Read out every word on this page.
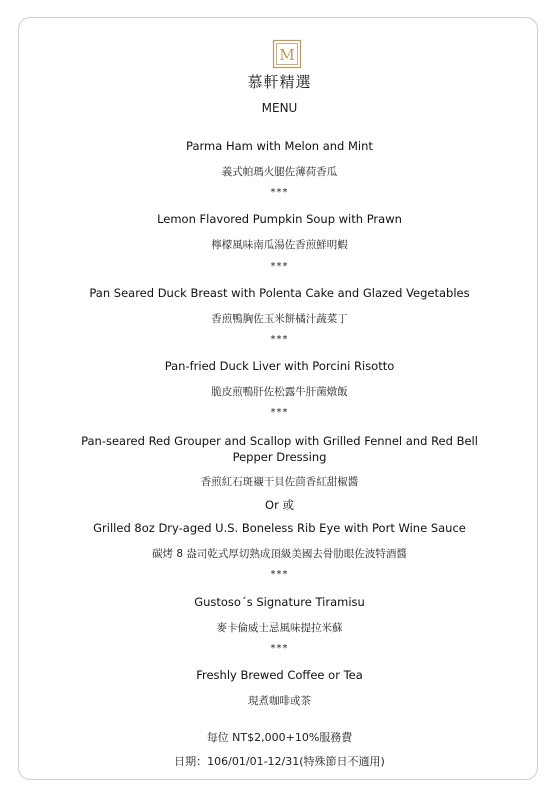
M
慕軒精選
MENU
Parma Ham with Melon and Mint
義式帕瑪火腿佐薄荷香瓜
***
Lemon Flavored Pumpkin Soup with Prawn
檸檬風味南瓜湯佐香煎鮮明蝦
***
Pan Seared Duck Breast with Polenta Cake and Glazed Vegetables
香煎鴨胸佐玉米餅橘汁蔬菜丁
***
Pan-fried Duck Liver with Porcini Risotto
脆皮煎鴨肝佐松露牛肝菌燉飯
***
Pan-seared Red Grouper and Scallop with Grilled Fennel and Red Bell Pepper Dressing
香煎紅石斑襯干貝佐茴香紅甜椒醬
Or 或
Grilled 8oz Dry-aged U.S. Boneless Rib Eye with Port Wine Sauce
碳烤 8 盎司乾式厚切熟成頂級美國去骨肋眼佐波特酒醬
***
Gustoso´s Signature Tiramisu
麥卡倫威士忌風味提拉米蘇
***
Freshly Brewed Coffee or Tea
現煮咖啡或茶
每位 NT$2,000+10%服務費
日期：106/01/01-12/31(特殊節日不適用)
